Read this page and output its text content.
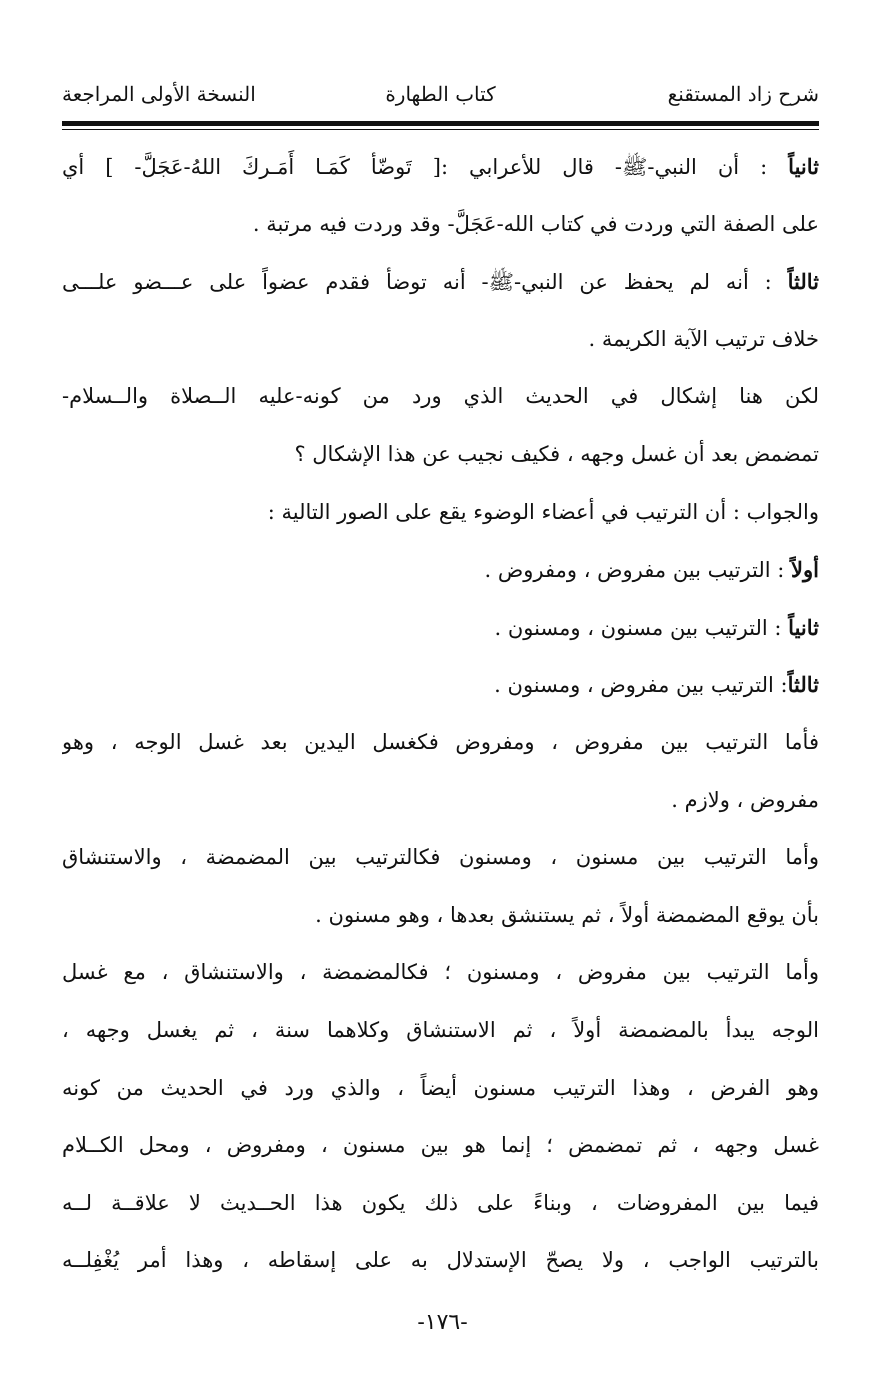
شرح زاد المستقنع
كتاب الطهارة
النسخة الأولى المراجعة
ثانياً : أن النبي-ﷺ- قال للأعرابي :[ تَوضّأ كَمَـا أَمَـركَ اللهُ-عَجَلَّ- ] أي
على الصفة التي وردت في كتاب الله-عَجَلَّ- وقد وردت فيه مرتبة .
ثالثاً : أنه لم يحفظ عن النبي-ﷺ- أنه توضأ فقدم عضواً على عـــضو علـــى
خلاف ترتيب الآية الكريمة .
لكن هنا إشكال في الحديث الذي ورد من كونه-عليه الــصلاة والــسلام-
تمضمض بعد أن غسل وجهه ، فكيف نجيب عن هذا الإشكال ؟
والجواب : أن الترتيب في أعضاء الوضوء يقع على الصور التالية :
أولاً : الترتيب بين مفروض ، ومفروض .
ثانياً : الترتيب بين مسنون ، ومسنون .
ثالثاً: الترتيب بين مفروض ، ومسنون .
فأما الترتيب بين مفروض ، ومفروض فكغسل اليدين بعد غسل الوجه ، وهو
مفروض ، ولازم .
وأما الترتيب بين مسنون ، ومسنون فكالترتيب بين المضمضة ، والاستنشاق
بأن يوقع المضمضة أولاً ، ثم يستنشق بعدها ، وهو مسنون .
وأما الترتيب بين مفروض ، ومسنون ؛ فكالمضمضة ، والاستنشاق ، مع غسل
الوجه يبدأ بالمضمضة أولاً ، ثم الاستنشاق وكلاهما سنة ، ثم يغسل وجهه ،
وهو الفرض ، وهذا الترتيب مسنون أيضاً ، والذي ورد في الحديث من كونه
غسل وجهه ، ثم تمضمض ؛ إنما هو بين مسنون ، ومفروض ، ومحل الكــلام
فيما بين المفروضات ، وبناءً على ذلك يكون هذا الحــديث لا علاقــة لــه
بالترتيب الواجب ، ولا يصحّ الإستدلال به على إسقاطه ، وهذا أمر يُغْفِلــه
-١٧٦-
